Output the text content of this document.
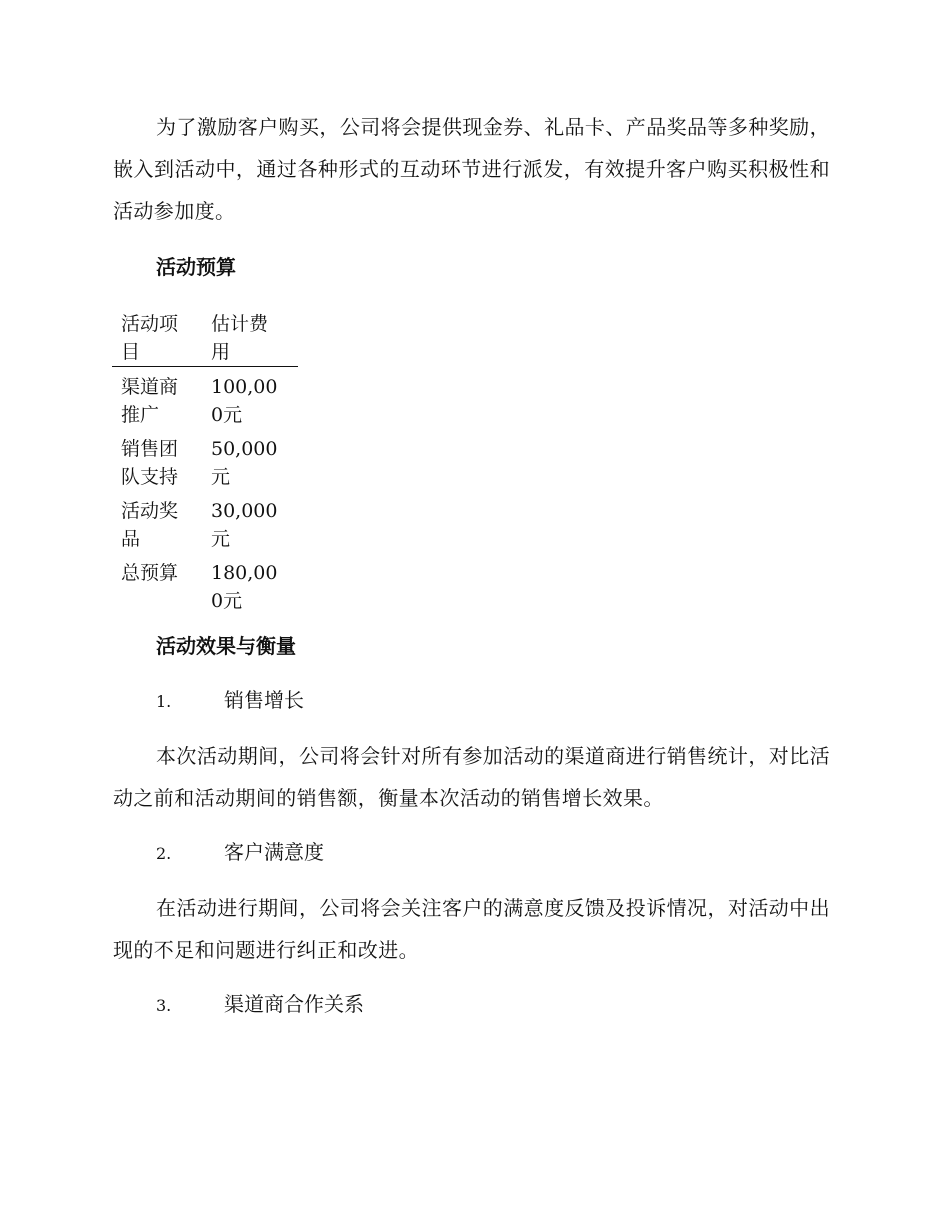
为了激励客户购买，公司将会提供现金券、礼品卡、产品奖品等多种奖励，嵌入到活动中，通过各种形式的互动环节进行派发，有效提升客户购买积极性和活动参加度。

活动预算
活动项目	估计费用

渠道商推广	100,000元

销售团队支持	50,000元

活动奖品	30,000元

总预算	180,000元
活动效果与衡量
1.	销售增长

本次活动期间，公司将会针对所有参加活动的渠道商进行销售统计，对比活动之前和活动期间的销售额，衡量本次活动的销售增长效果。

2.	客户满意度

在活动进行期间，公司将会关注客户的满意度反馈及投诉情况，对活动中出现的不足和问题进行纠正和改进。

3.	渠道商合作关系
